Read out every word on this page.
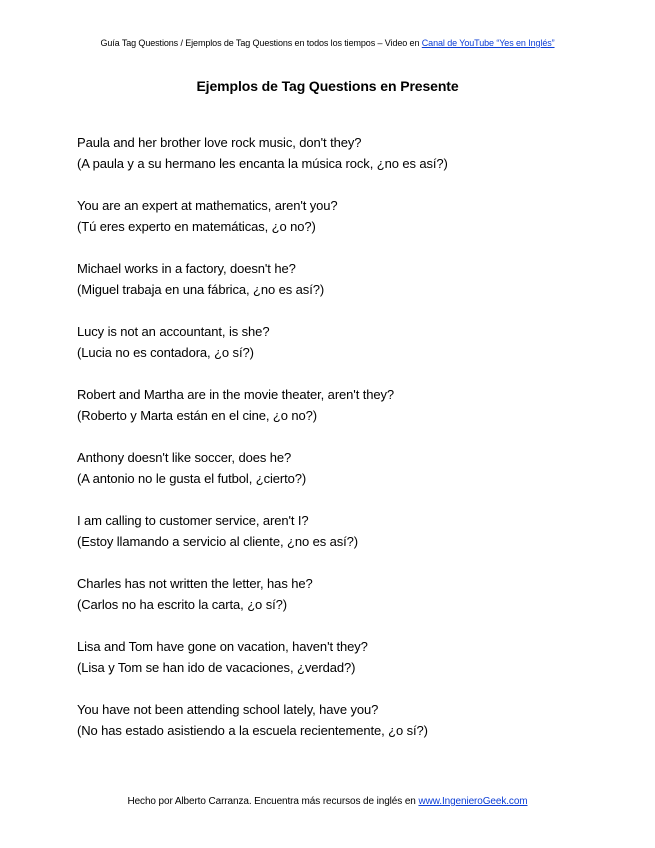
Guía Tag Questions / Ejemplos de Tag Questions en todos los tiempos – Video en Canal de YouTube “Yes en Inglés”
Ejemplos de Tag Questions en Presente
Paula and her brother love rock music, don't they?
(A paula y a su hermano les encanta la música rock, ¿no es así?)
You are an expert at mathematics, aren't you?
(Tú eres experto en matemáticas, ¿o no?)
Michael works in a factory, doesn't he?
(Miguel trabaja en una fábrica, ¿no es así?)
Lucy is not an accountant, is she?
(Lucia no es contadora, ¿o sí?)
Robert and Martha are in the movie theater, aren't they?
(Roberto y Marta están en el cine, ¿o no?)
Anthony doesn't like soccer, does he?
(A antonio no le gusta el futbol, ¿cierto?)
I am calling to customer service, aren't I?
(Estoy llamando a servicio al cliente, ¿no es así?)
Charles has not written the letter, has he?
(Carlos no ha escrito la carta, ¿o sí?)
Lisa and Tom have gone on vacation, haven't they?
(Lisa y Tom se han ido de vacaciones, ¿verdad?)
You have not been attending school lately, have you?
(No has estado asistiendo a la escuela recientemente, ¿o sí?)
Hecho por Alberto Carranza. Encuentra más recursos de inglés en www.IngenieroGeek.com
